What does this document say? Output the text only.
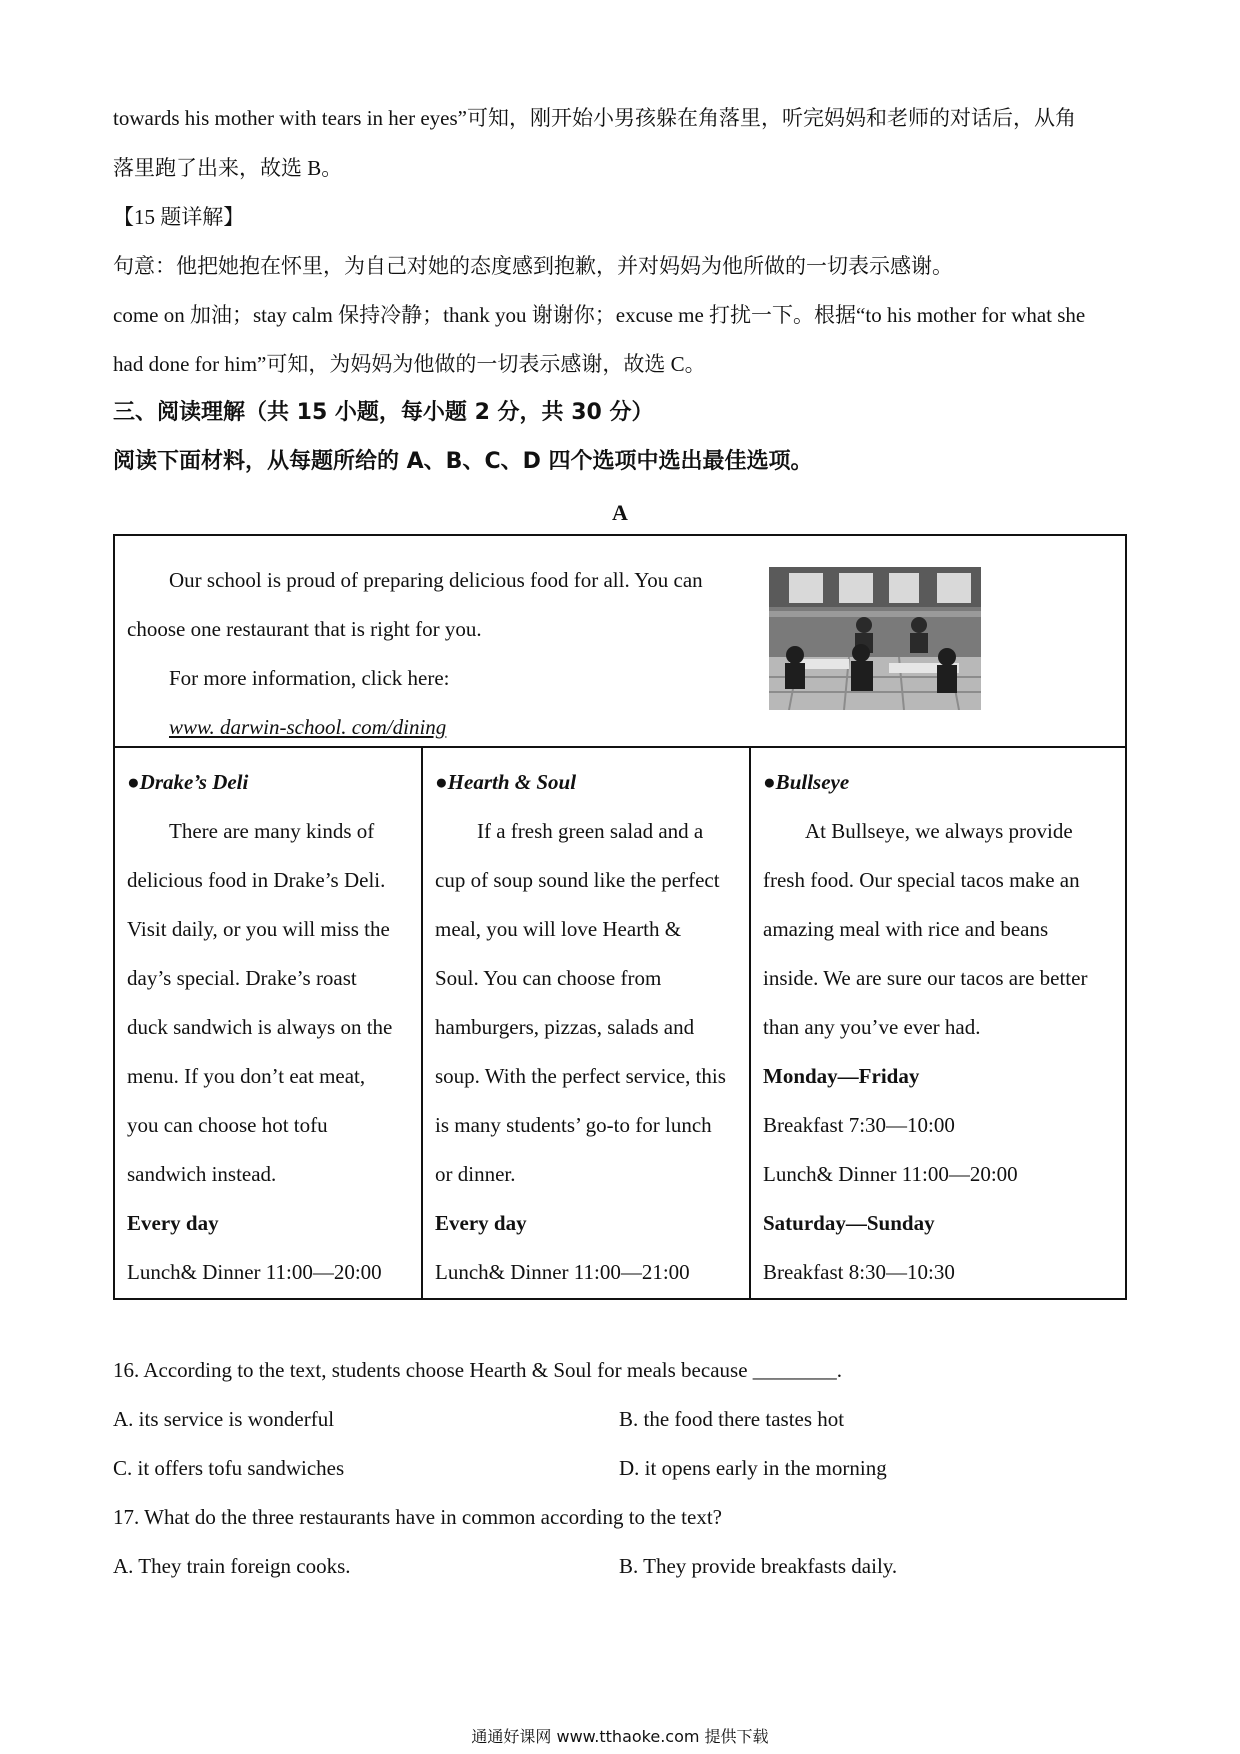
towards his mother with tears in her eyes”可知，刚开始小男孩躲在角落里，听完妈妈和老师的对话后，从角
落里跑了出来，故选 B。
【15 题详解】
句意：他把她抱在怀里，为自己对她的态度感到抱歉，并对妈妈为他所做的一切表示感谢。
come on 加油；stay calm 保持冷静；thank you 谢谢你；excuse me 打扰一下。根据“to his mother for what she
had done for him”可知，为妈妈为他做的一切表示感谢，故选 C。
三、阅读理解（共 15 小题，每小题 2 分，共 30 分）
阅读下面材料，从每题所给的 A、B、C、D 四个选项中选出最佳选项。
A

Our school is proud of preparing delicious food for all. You can

choose one restaurant that is right for you.

For more information, click here:

www. darwin-school. com/dining

●Drake’s Deli

There are many kinds of

delicious food in Drake’s Deli.

Visit daily, or you will miss the

day’s special. Drake’s roast

duck sandwich is always on the

menu. If you don’t eat meat,

you can choose hot tofu

sandwich instead.

Every day

Lunch& Dinner 11:00—20:00

●Hearth & Soul

If a fresh green salad and a

cup of soup sound like the perfect

meal, you will love Hearth &

Soul. You can choose from

hamburgers, pizzas, salads and

soup. With the perfect service, this

is many students’ go-to for lunch

or dinner.

Every day

Lunch& Dinner 11:00—21:00

●Bullseye

At Bullseye, we always provide

fresh food. Our special tacos make an

amazing meal with rice and beans

inside. We are sure our tacos are better

than any you’ve ever had.

Monday—Friday

Breakfast 7:30—10:00

Lunch& Dinner 11:00—20:00

Saturday—Sunday

Breakfast 8:30—10:30

16. According to the text, students choose Hearth & Soul for meals because ________.
A. its service is wonderful	B. the food there tastes hot
C. it offers tofu sandwiches	D. it opens early in the morning
17. What do the three restaurants have in common according to the text?
A. They train foreign cooks.	B. They provide breakfasts daily.
通通好课网 www.tthaoke.com 提供下载
